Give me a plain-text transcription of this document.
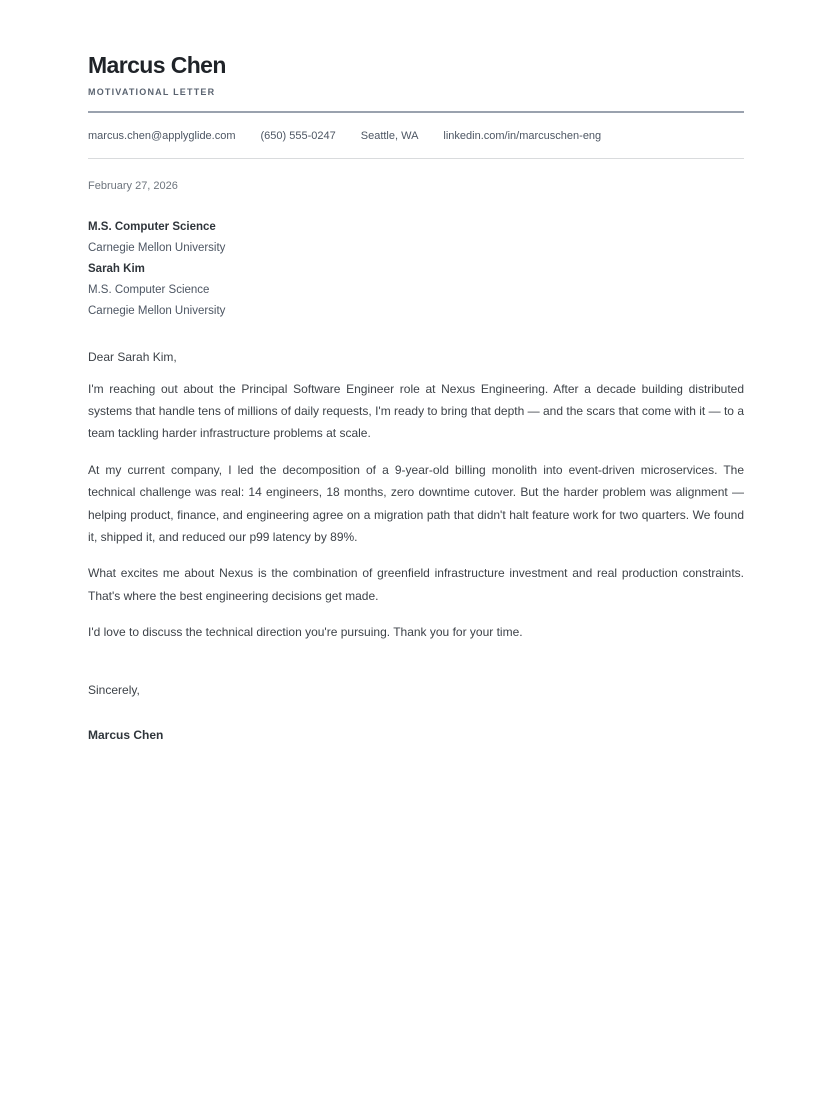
Marcus Chen
MOTIVATIONAL LETTER
marcus.chen@applyglide.com (650) 555-0247 Seattle, WA linkedin.com/in/marcuschen-eng
February 27, 2026
M.S. Computer Science
Carnegie Mellon University
Sarah Kim
M.S. Computer Science
Carnegie Mellon University

Dear Sarah Kim,

I'm reaching out about the Principal Software Engineer role at Nexus Engineering. After a decade building distributed systems that handle tens of millions of daily requests, I'm ready to bring that depth — and the scars that come with it — to a team tackling harder infrastructure problems at scale.

At my current company, I led the decomposition of a 9-year-old billing monolith into event-driven microservices. The technical challenge was real: 14 engineers, 18 months, zero downtime cutover. But the harder problem was alignment — helping product, finance, and engineering agree on a migration path that didn't halt feature work for two quarters. We found it, shipped it, and reduced our p99 latency by 89%.

What excites me about Nexus is the combination of greenfield infrastructure investment and real production constraints. That's where the best engineering decisions get made.

I'd love to discuss the technical direction you're pursuing. Thank you for your time.

Sincerely,
Marcus Chen
